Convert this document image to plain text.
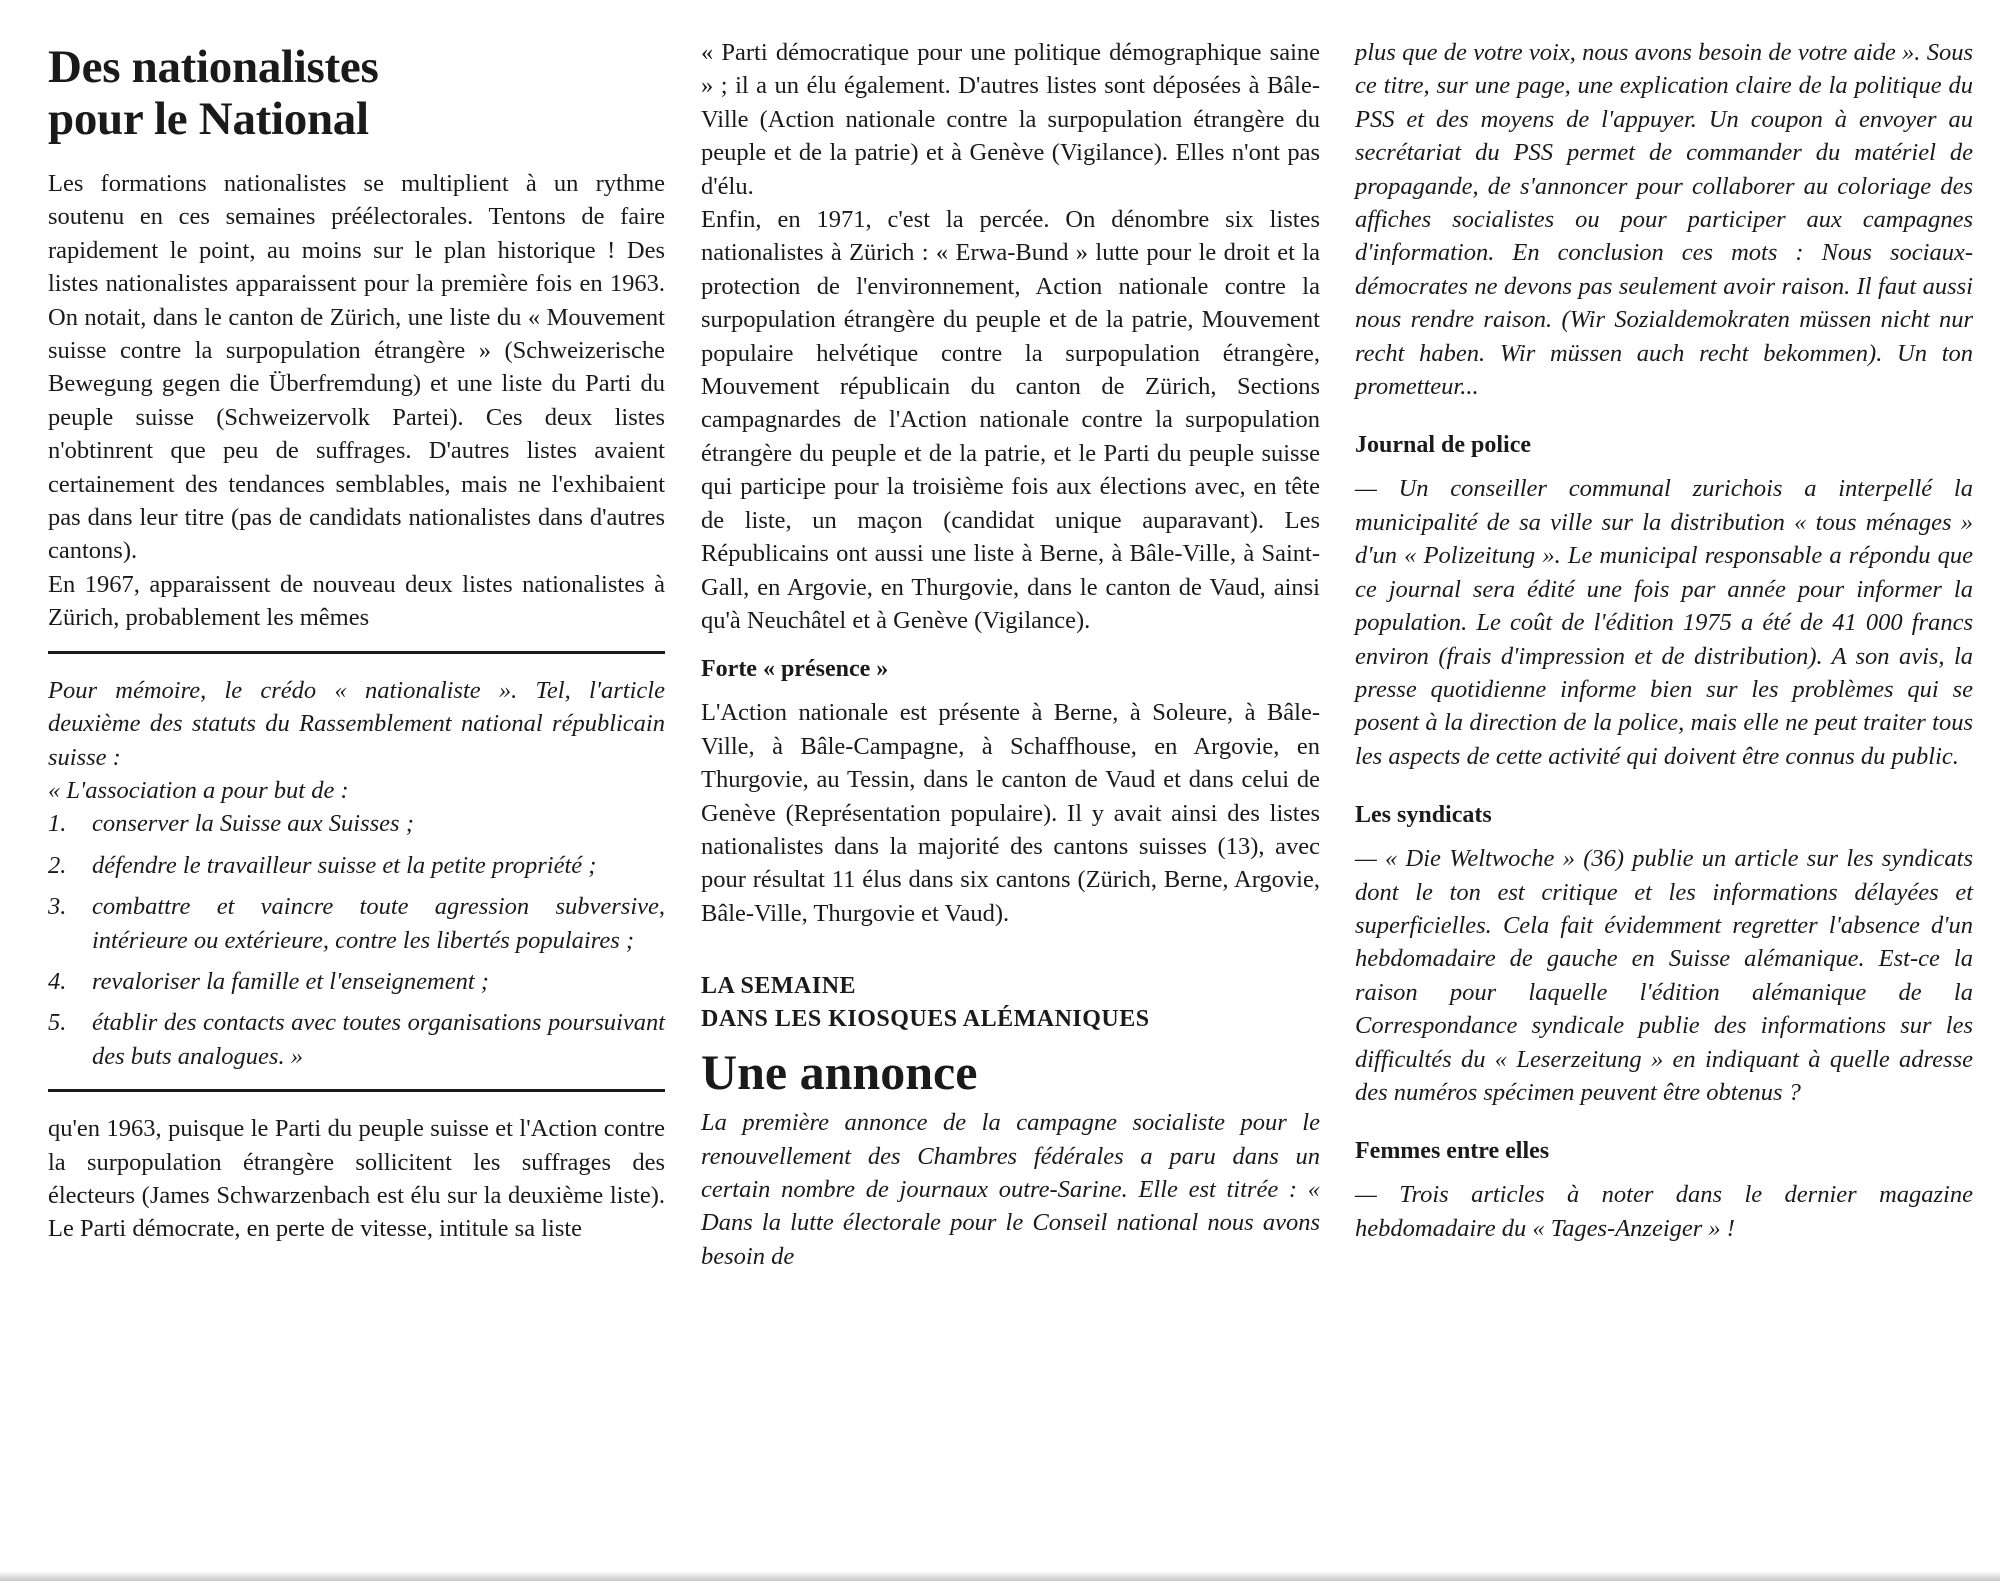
Des nationalistes
pour le National

Les formations nationalistes se multiplient à un rythme soutenu en ces semaines préélectorales. Tentons de faire rapidement le point, au moins sur le plan historique ! Des listes nationalistes apparaissent pour la première fois en 1963. On notait, dans le canton de Zürich, une liste du « Mouvement suisse contre la surpopulation étrangère » (Schweizerische Bewegung gegen die Überfremdung) et une liste du Parti du peuple suisse (Schweizervolk Partei). Ces deux listes n'obtinrent que peu de suffrages. D'autres listes avaient certainement des tendances semblables, mais ne l'exhibaient pas dans leur titre (pas de candidats nationalistes dans d'autres cantons).

En 1967, apparaissent de nouveau deux listes nationalistes à Zürich, probablement les mêmes

Pour mémoire, le crédo « nationaliste ». Tel, l'article deuxième des statuts du Rassemblement national républicain suisse :

« L'association a pour but de :

1. conserver la Suisse aux Suisses ;
2. défendre le travailleur suisse et la petite propriété ;
3. combattre et vaincre toute agression subversive, intérieure ou extérieure, contre les libertés populaires ;
4. revaloriser la famille et l'enseignement ;
5. établir des contacts avec toutes organisations poursuivant des buts analogues. »

qu'en 1963, puisque le Parti du peuple suisse et l'Action contre la surpopulation étrangère sollicitent les suffrages des électeurs (James Schwarzenbach est élu sur la deuxième liste). Le Parti démocrate, en perte de vitesse, intitule sa liste

« Parti démocratique pour une politique démographique saine » ; il a un élu également. D'autres listes sont déposées à Bâle-Ville (Action nationale contre la surpopulation étrangère du peuple et de la patrie) et à Genève (Vigilance). Elles n'ont pas d'élu.

Enfin, en 1971, c'est la percée. On dénombre six listes nationalistes à Zürich : « Erwa-Bund » lutte pour le droit et la protection de l'environnement, Action nationale contre la surpopulation étrangère du peuple et de la patrie, Mouvement populaire helvétique contre la surpopulation étrangère, Mouvement républicain du canton de Zürich, Sections campagnardes de l'Action nationale contre la surpopulation étrangère du peuple et de la patrie, et le Parti du peuple suisse qui participe pour la troisième fois aux élections avec, en tête de liste, un maçon (candidat unique auparavant). Les Républicains ont aussi une liste à Berne, à Bâle-Ville, à Saint-Gall, en Argovie, en Thurgovie, dans le canton de Vaud, ainsi qu'à Neuchâtel et à Genève (Vigilance).

Forte « présence »

L'Action nationale est présente à Berne, à Soleure, à Bâle-Ville, à Bâle-Campagne, à Schaffhouse, en Argovie, en Thurgovie, au Tessin, dans le canton de Vaud et dans celui de Genève (Représentation populaire). Il y avait ainsi des listes nationalistes dans la majorité des cantons suisses (13), avec pour résultat 11 élus dans six cantons (Zürich, Berne, Argovie, Bâle-Ville, Thurgovie et Vaud).

LA SEMAINE
DANS LES KIOSQUES ALÉMANIQUES
Une annonce

La première annonce de la campagne socialiste pour le renouvellement des Chambres fédérales a paru dans un certain nombre de journaux outre-Sarine. Elle est titrée : « Dans la lutte électorale pour le Conseil national nous avons besoin de

plus que de votre voix, nous avons besoin de votre aide ». Sous ce titre, sur une page, une explication claire de la politique du PSS et des moyens de l'appuyer. Un coupon à envoyer au secrétariat du PSS permet de commander du matériel de propagande, de s'annoncer pour collaborer au coloriage des affiches socialistes ou pour participer aux campagnes d'information. En conclusion ces mots : Nous sociaux-démocrates ne devons pas seulement avoir raison. Il faut aussi nous rendre raison. (Wir Sozialdemokraten müssen nicht nur recht haben. Wir müssen auch recht bekommen). Un ton prometteur...

Journal de police

— Un conseiller communal zurichois a interpellé la municipalité de sa ville sur la distribution « tous ménages » d'un « Polizeitung ». Le municipal responsable a répondu que ce journal sera édité une fois par année pour informer la population. Le coût de l'édition 1975 a été de 41 000 francs environ (frais d'impression et de distribution). A son avis, la presse quotidienne informe bien sur les problèmes qui se posent à la direction de la police, mais elle ne peut traiter tous les aspects de cette activité qui doivent être connus du public.

Les syndicats

— « Die Weltwoche » (36) publie un article sur les syndicats dont le ton est critique et les informations délayées et superficielles. Cela fait évidemment regretter l'absence d'un hebdomadaire de gauche en Suisse alémanique. Est-ce la raison pour laquelle l'édition alémanique de la Correspondance syndicale publie des informations sur les difficultés du « Leserzeitung » en indiquant à quelle adresse des numéros spécimen peuvent être obtenus ?

Femmes entre elles

— Trois articles à noter dans le dernier magazine hebdomadaire du « Tages-Anzeiger » !
